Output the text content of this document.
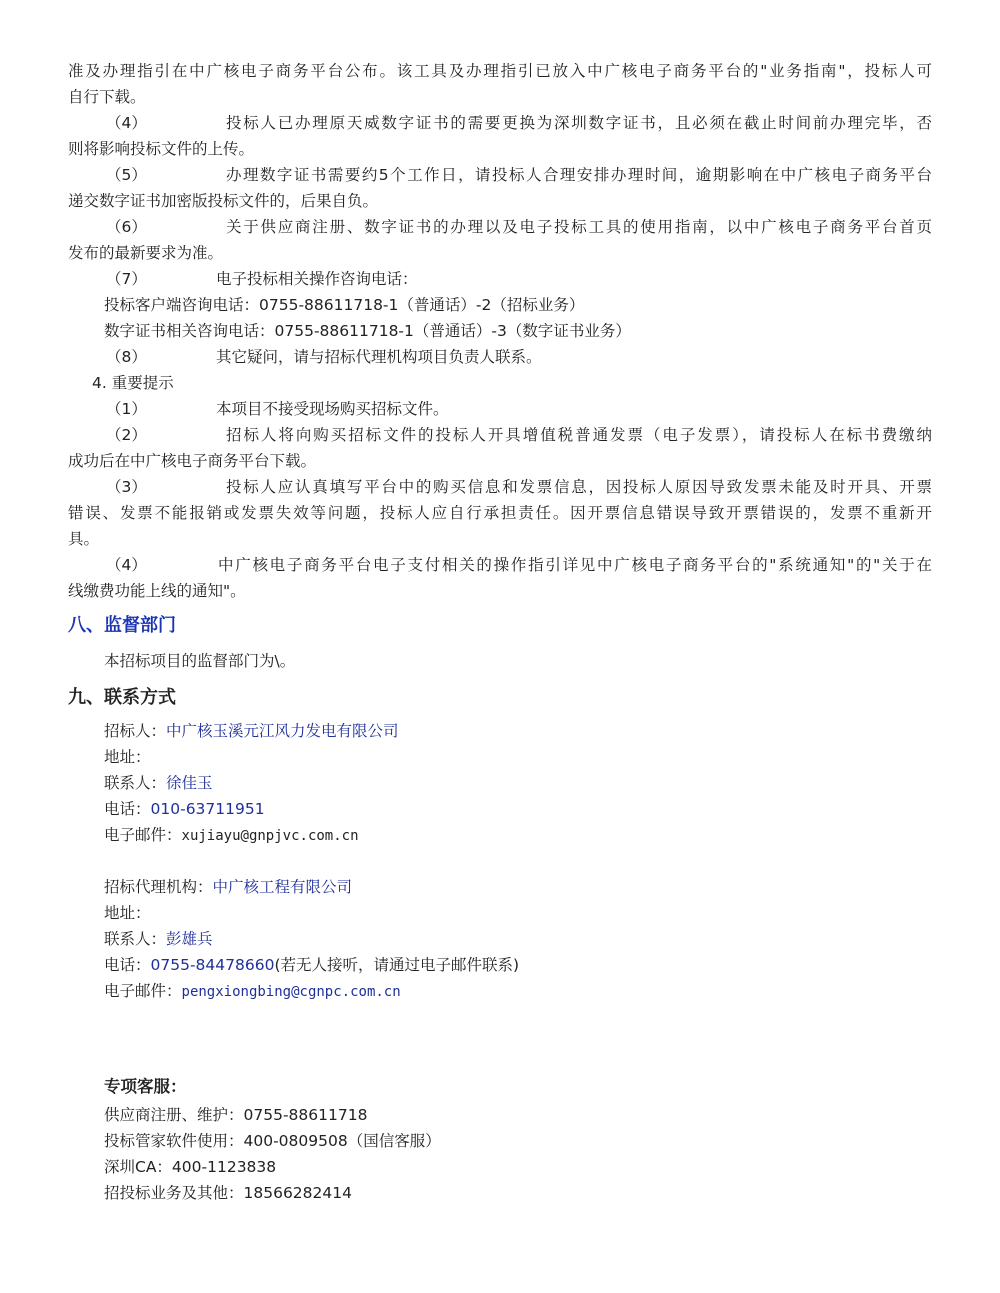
准及办理指引在中广核电子商务平台公布。该工具及办理指引已放入中广核电子商务平台的"业务指南"，投标人可
自行下载。
（4）	投标人已办理原天威数字证书的需要更换为深圳数字证书，且必须在截止时间前办理完毕，否
则将影响投标文件的上传。
（5）	办理数字证书需要约5个工作日，请投标人合理安排办理时间，逾期影响在中广核电子商务平台
递交数字证书加密版投标文件的，后果自负。
（6）	关于供应商注册、数字证书的办理以及电子投标工具的使用指南，以中广核电子商务平台首页
发布的最新要求为准。
（7）	电子投标相关操作咨询电话：
投标客户端咨询电话：0755-88611718-1（普通话）-2（招标业务）
数字证书相关咨询电话：0755-88611718-1（普通话）-3（数字证书业务）
（8）	其它疑问，请与招标代理机构项目负责人联系。
4. 重要提示
（1）	本项目不接受现场购买招标文件。
（2）	招标人将向购买招标文件的投标人开具增值税普通发票（电子发票），请投标人在标书费缴纳
成功后在中广核电子商务平台下载。
（3）	投标人应认真填写平台中的购买信息和发票信息，因投标人原因导致发票未能及时开具、开票
错误、发票不能报销或发票失效等问题，投标人应自行承担责任。因开票信息错误导致开票错误的，发票不重新开
具。
（4）	中广核电子商务平台电子支付相关的操作指引详见中广核电子商务平台的"系统通知"的"关于在
线缴费功能上线的通知"。
八、监督部门
本招标项目的监督部门为\。
九、联系方式
招标人：中广核玉溪元江风力发电有限公司
地址：
联系人：徐佳玉
电话：010-63711951
电子邮件：xujiayu@gnpjvc.com.cn
招标代理机构：中广核工程有限公司
地址：
联系人：彭雄兵
电话：0755-84478660(若无人接听，请通过电子邮件联系)
电子邮件：pengxiongbing@cgnpc.com.cn
专项客服：
供应商注册、维护：0755-88611718
投标管家软件使用：400-0809508（国信客服）
深圳CA：400-1123838
招投标业务及其他：18566282414
